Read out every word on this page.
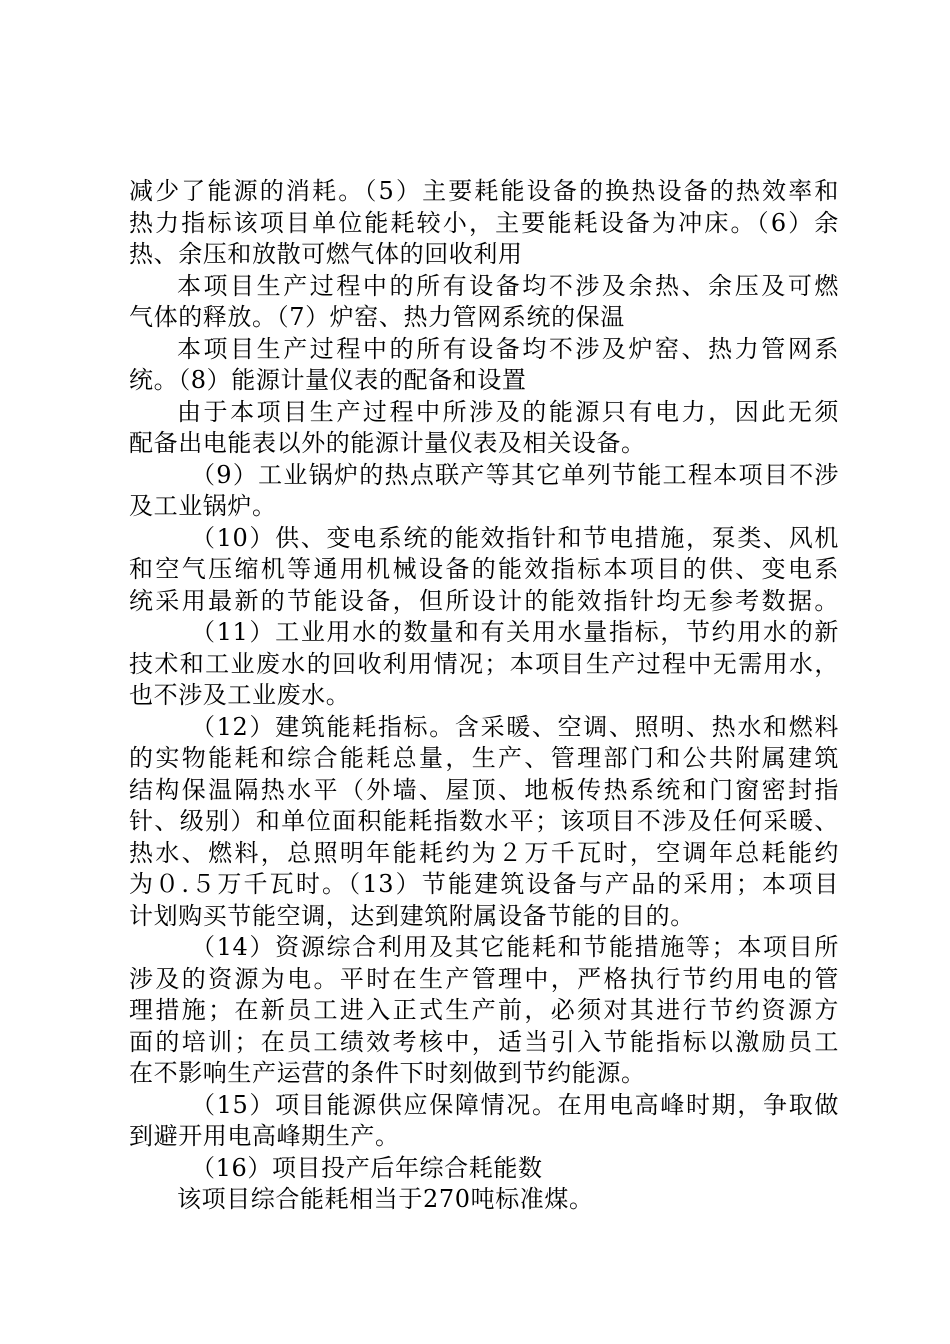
减少了能源的消耗。（5）主要耗能设备的换热设备的热效率和
热力指标该项目单位能耗较小，主要能耗设备为冲床。（6）余
热、余压和放散可燃气体的回收利用
本项目生产过程中的所有设备均不涉及余热、余压及可燃
气体的释放。（7）炉窑、热力管网系统的保温
本项目生产过程中的所有设备均不涉及炉窑、热力管网系
统。（8）能源计量仪表的配备和设置
由于本项目生产过程中所涉及的能源只有电力，因此无须
配备出电能表以外的能源计量仪表及相关设备。
（9）工业锅炉的热点联产等其它单列节能工程本项目不涉
及工业锅炉。
（10）供、变电系统的能效指针和节电措施，泵类、风机
和空气压缩机等通用机械设备的能效指标本项目的供、变电系
统采用最新的节能设备，但所设计的能效指针均无参考数据。
（11）工业用水的数量和有关用水量指标，节约用水的新
技术和工业废水的回收利用情况；本项目生产过程中无需用水，
也不涉及工业废水。
（12）建筑能耗指标。含采暖、空调、照明、热水和燃料
的实物能耗和综合能耗总量，生产、管理部门和公共附属建筑
结构保温隔热水平（外墙、屋顶、地板传热系统和门窗密封指
针、级别）和单位面积能耗指数水平；该项目不涉及任何采暖、
热水、燃料，总照明年能耗约为２万千瓦时，空调年总耗能约
为０.５万千瓦时。（13）节能建筑设备与产品的采用；本项目
计划购买节能空调，达到建筑附属设备节能的目的。
（14）资源综合利用及其它能耗和节能措施等；本项目所
涉及的资源为电。平时在生产管理中，严格执行节约用电的管
理措施；在新员工进入正式生产前，必须对其进行节约资源方
面的培训；在员工绩效考核中，适当引入节能指标以激励员工
在不影响生产运营的条件下时刻做到节约能源。
（15）项目能源供应保障情况。在用电高峰时期，争取做
到避开用电高峰期生产。
（16）项目投产后年综合耗能数
该项目综合能耗相当于270吨标准煤。
